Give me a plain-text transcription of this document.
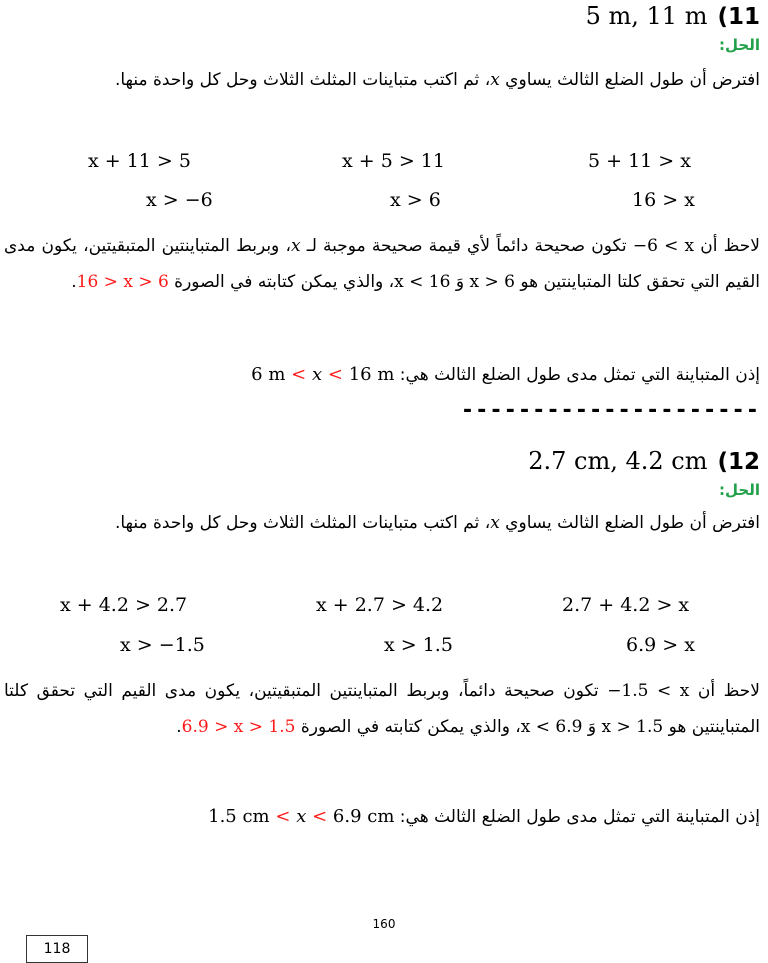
5 m, 11 m (11
الحل:
افترض أن طول الضلع الثالث يساوي x، ثم اكتب متباينات المثلث الثلاث وحل كل واحدة منها.
x + 11 > 5	x + 5 > 11	5 + 11 > x
x > −6	x > 6	16 > x
لاحظ أن −6 < x تكون صحيحة دائماً لأي قيمة صحيحة موجبة لـ x، وبربط المتباينتين المتبقيتين، يكون مدى القيم التي تحقق كلتا المتباينتين هو x > 6 وَ x < 16، والذي يمكن كتابته في الصورة 16 > x > 6.
إذن المتباينة التي تمثل مدى طول الضلع الثالث هي: 6 m < x < 16 m
---------------------
2.7 cm, 4.2 cm (12
الحل:
افترض أن طول الضلع الثالث يساوي x، ثم اكتب متباينات المثلث الثلاث وحل كل واحدة منها.
x + 4.2 > 2.7	x + 2.7 > 4.2	2.7 + 4.2 > x
x > −1.5	x > 1.5	6.9 > x
لاحظ أن −1.5 < x تكون صحيحة دائماً، وبربط المتباينتين المتبقيتين، يكون مدى القيم التي تحقق كلتا المتباينتين هو x > 1.5 وَ x < 6.9، والذي يمكن كتابته في الصورة 6.9 > x > 1.5.
إذن المتباينة التي تمثل مدى طول الضلع الثالث هي: 1.5 cm < x < 6.9 cm
160
118
